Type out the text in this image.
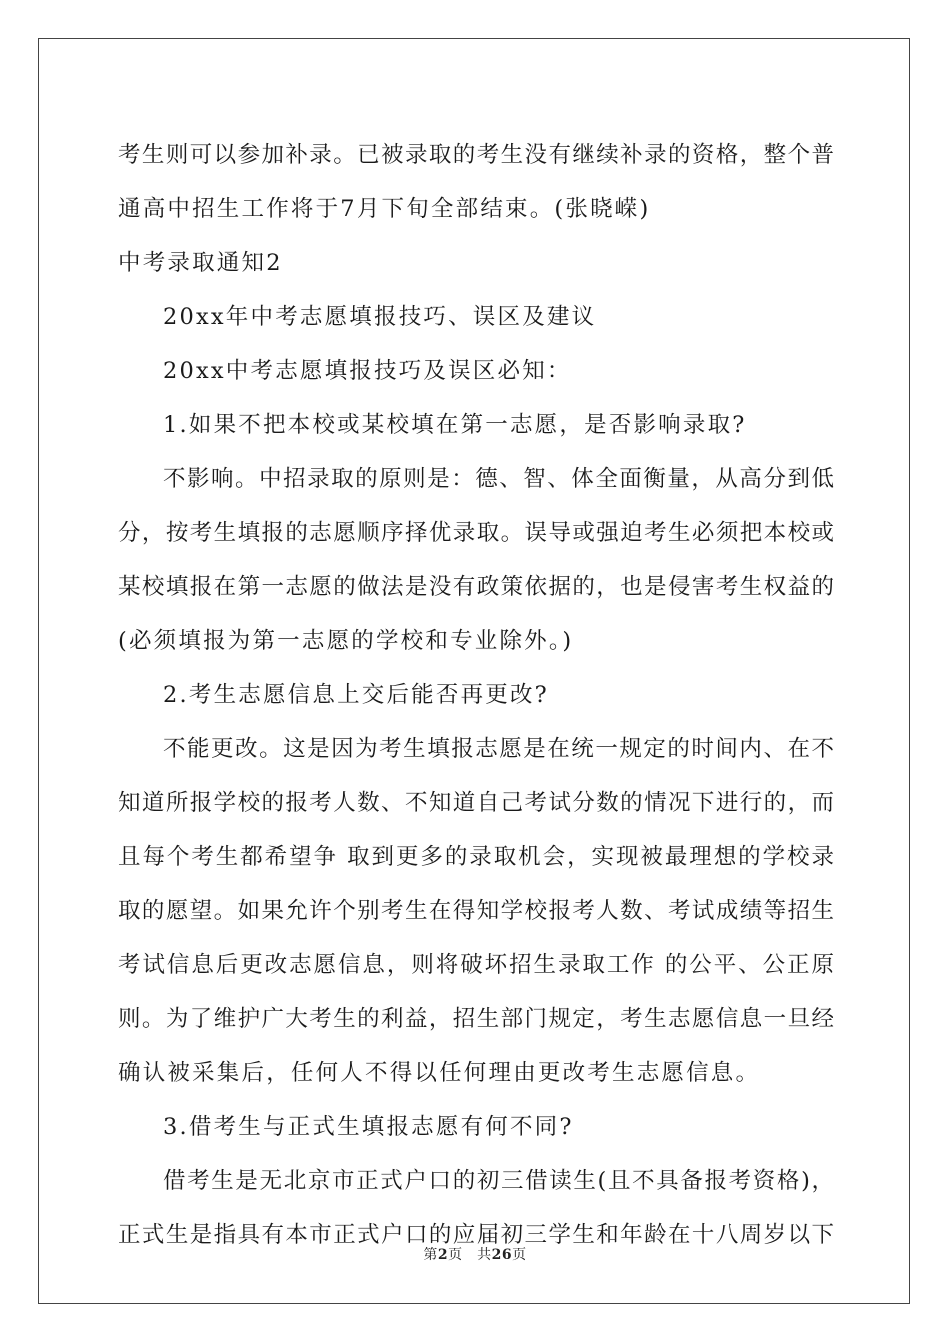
考生则可以参加补录。已被录取的考生没有继续补录的资格，整个普
通高中招生工作将于7月下旬全部结束。(张晓嵘)
中考录取通知2
20xx年中考志愿填报技巧、误区及建议
20xx中考志愿填报技巧及误区必知：
1.如果不把本校或某校填在第一志愿，是否影响录取?
不影响。中招录取的原则是：德、智、体全面衡量，从高分到低
分，按考生填报的志愿顺序择优录取。误导或强迫考生必须把本校或
某校填报在第一志愿的做法是没有政策依据的，也是侵害考生权益的
(必须填报为第一志愿的学校和专业除外。)
2.考生志愿信息上交后能否再更改?
不能更改。这是因为考生填报志愿是在统一规定的时间内、在不
知道所报学校的报考人数、不知道自己考试分数的情况下进行的，而
且每个考生都希望争 取到更多的录取机会，实现被最理想的学校录
取的愿望。如果允许个别考生在得知学校报考人数、考试成绩等招生
考试信息后更改志愿信息，则将破坏招生录取工作 的公平、公正原
则。为了维护广大考生的利益，招生部门规定，考生志愿信息一旦经
确认被采集后，任何人不得以任何理由更改考生志愿信息。
3.借考生与正式生填报志愿有何不同?
借考生是无北京市正式户口的初三借读生(且不具备报考资格)，
正式生是指具有本市正式户口的应届初三学生和年龄在十八周岁以下
第2页　共26页
